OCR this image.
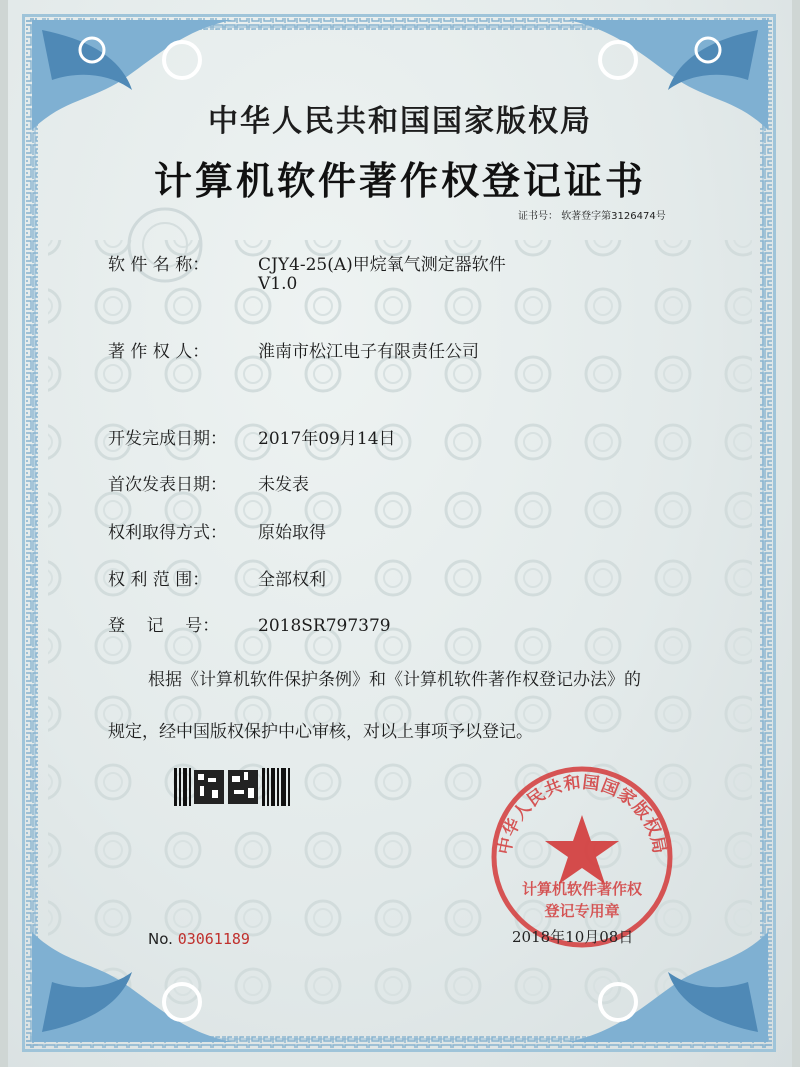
中华人民共和国国家版权局
计算机软件著作权登记证书
证书号： 软著登字第3126474号
软 件 名 称：	CJY4-25(A)甲烷氧气测定器软件
V1.0
著 作 权 人：	淮南市松江电子有限责任公司
开发完成日期： 2017年09月14日
首次发表日期： 未发表
权利取得方式： 原始取得
权 利 范 围：	全部权利
登    记    号： 2018SR797379
根据《计算机软件保护条例》和《计算机软件著作权登记办法》的
规定，经中国版权保护中心审核，对以上事项予以登记。
中华人民共和国国家版权局
计算机软件著作权
登记专用章
No. 03061189	2018年10月08日
